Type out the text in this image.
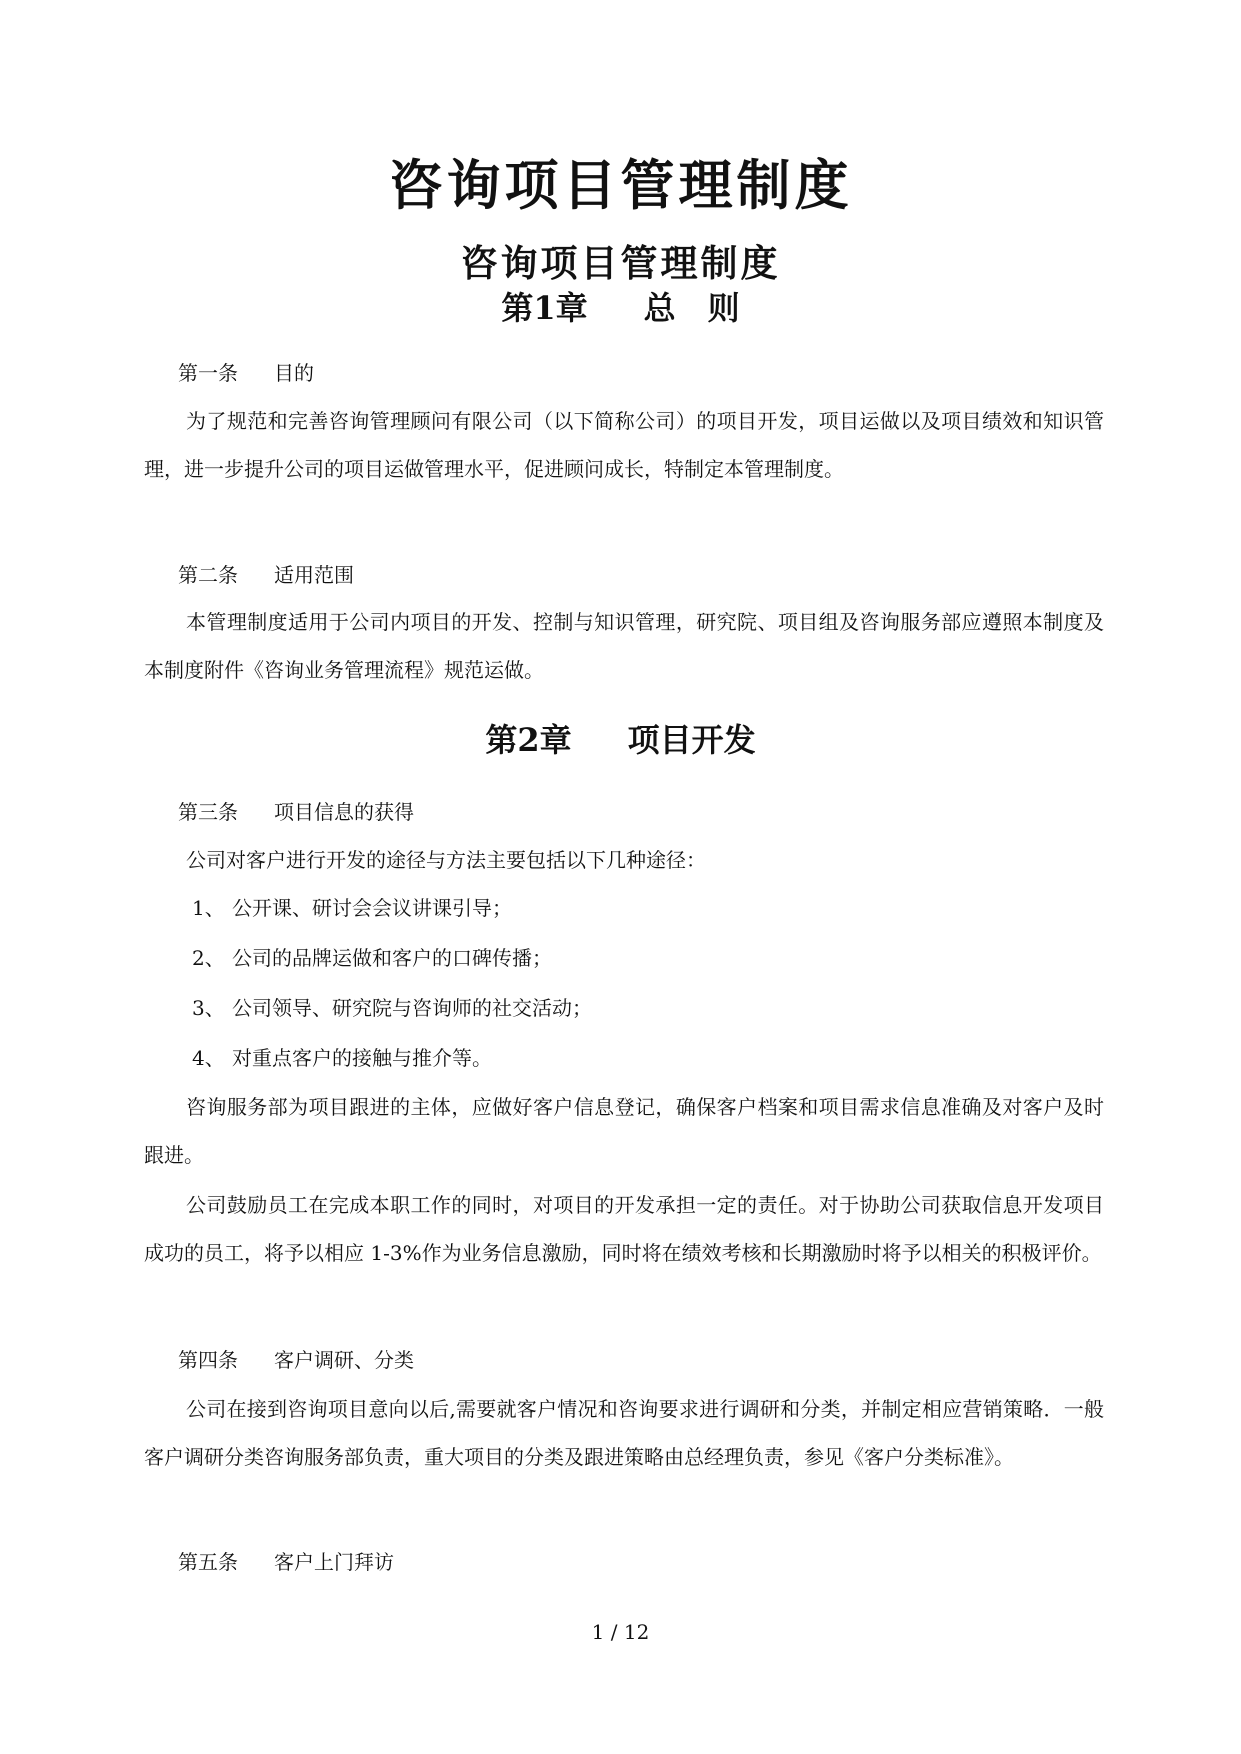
咨询项目管理制度
咨询项目管理制度
第1章 总　则
第一条 目的

为了规范和完善咨询管理顾问有限公司（以下简称公司）的项目开发，项目运做以及项目绩效和知识管理，进一步提升公司的项目运做管理水平，促进顾问成长，特制定本管理制度。

第二条 适用范围

本管理制度适用于公司内项目的开发、控制与知识管理，研究院、项目组及咨询服务部应遵照本制度及本制度附件《咨询业务管理流程》规范运做。

第2章 项目开发
第三条 项目信息的获得

公司对客户进行开发的途径与方法主要包括以下几种途径：

1、 公开课、研讨会会议讲课引导；
2、 公司的品牌运做和客户的口碑传播；
3、 公司领导、研究院与咨询师的社交活动；
4、 对重点客户的接触与推介等。

咨询服务部为项目跟进的主体，应做好客户信息登记，确保客户档案和项目需求信息准确及对客户及时跟进。

公司鼓励员工在完成本职工作的同时，对项目的开发承担一定的责任。对于协助公司获取信息开发项目成功的员工，将予以相应 1-3%作为业务信息激励，同时将在绩效考核和长期激励时将予以相关的积极评价。

第四条 客户调研、分类

公司在接到咨询项目意向以后,需要就客户情况和咨询要求进行调研和分类，并制定相应营销策略．一般客户调研分类咨询服务部负责，重大项目的分类及跟进策略由总经理负责，参见《客户分类标准》。

第五条 客户上门拜访
1 / 12
